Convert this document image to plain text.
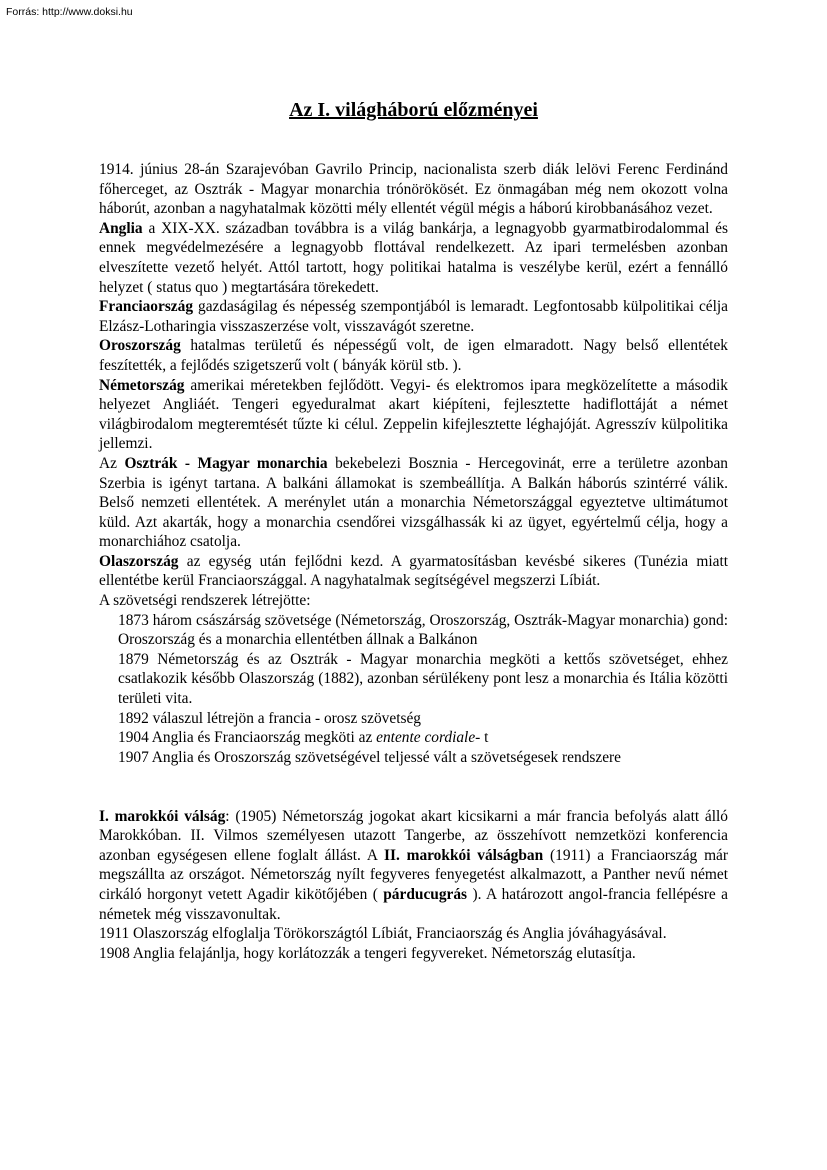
Forrás: http://www.doksi.hu
Az I. világháború előzményei

1914. június 28-án Szarajevóban Gavrilo Princip, nacionalista szerb diák lelövi Ferenc Ferdinánd főherceget, az Osztrák - Magyar monarchia trónörökösét. Ez önmagában még nem okozott volna háborút, azonban a nagyhatalmak közötti mély ellentét végül mégis a háború kirobbanásához vezet.

Anglia a XIX-XX. században továbbra is a világ bankárja, a legnagyobb gyarmatbirodalommal és ennek megvédelmezésére a legnagyobb flottával rendelkezett. Az ipari termelésben azonban elveszítette vezető helyét. Attól tartott, hogy politikai hatalma is veszélybe kerül, ezért a fennálló helyzet ( status quo ) megtartására törekedett.

Franciaország gazdaságilag és népesség szempontjából is lemaradt. Legfontosabb külpolitikai célja Elzász-Lotharingia visszaszerzése volt, visszavágót szeretne.

Oroszország hatalmas területű és népességű volt, de igen elmaradott. Nagy belső ellentétek feszítették, a fejlődés szigetszerű volt ( bányák körül stb. ).

Németország amerikai méretekben fejlődött. Vegyi- és elektromos ipara megközelítette a második helyezet Angliáét. Tengeri egyeduralmat akart kiépíteni, fejlesztette hadiflottáját a német világbirodalom megteremtését tűzte ki célul. Zeppelin kifejlesztette léghajóját. Agresszív külpolitika jellemzi.

Az Osztrák - Magyar monarchia bekebelezi Bosznia - Hercegovinát, erre a területre azonban Szerbia is igényt tartana. A balkáni államokat is szembeállítja. A Balkán háborús szintérré válik. Belső nemzeti ellentétek. A merénylet után a monarchia Németországgal egyeztetve ultimátumot küld. Azt akarták, hogy a monarchia csendőrei vizsgálhassák ki az ügyet, egyértelmű célja, hogy a monarchiához csatolja.

Olaszország az egység után fejlődni kezd. A gyarmatosításban kevésbé sikeres (Tunézia miatt ellentétbe kerül Franciaországgal. A nagyhatalmak segítségével megszerzi Líbiát.

A szövetségi rendszerek létrejötte:

1873 három császárság szövetsége (Németország, Oroszország, Osztrák-Magyar monarchia) gond: Oroszország és a monarchia ellentétben állnak a Balkánon

1879 Németország és az Osztrák - Magyar monarchia megköti a kettős szövetséget, ehhez csatlakozik később Olaszország (1882), azonban sérülékeny pont lesz a monarchia és Itália közötti területi vita.

1892 válaszul létrejön a francia - orosz szövetség

1904 Anglia és Franciaország megköti az entente cordiale- t

1907 Anglia és Oroszország szövetségével teljessé vált a szövetségesek rendszere

I. marokkói válság: (1905) Németország jogokat akart kicsikarni a már francia befolyás alatt álló Marokkóban. II. Vilmos személyesen utazott Tangerbe, az összehívott nemzetközi konferencia azonban egységesen ellene foglalt állást. A II. marokkói válságban (1911) a Franciaország már megszállta az országot. Németország nyílt fegyveres fenyegetést alkalmazott, a Panther nevű német cirkáló horgonyt vetett Agadir kikötőjében ( párducugrás ). A határozott angol-francia fellépésre a németek még visszavonultak.

1911 Olaszország elfoglalja Törökországtól Líbiát, Franciaország és Anglia jóváhagyásával.

1908 Anglia felajánlja, hogy korlátozzák a tengeri fegyvereket. Németország elutasítja.
